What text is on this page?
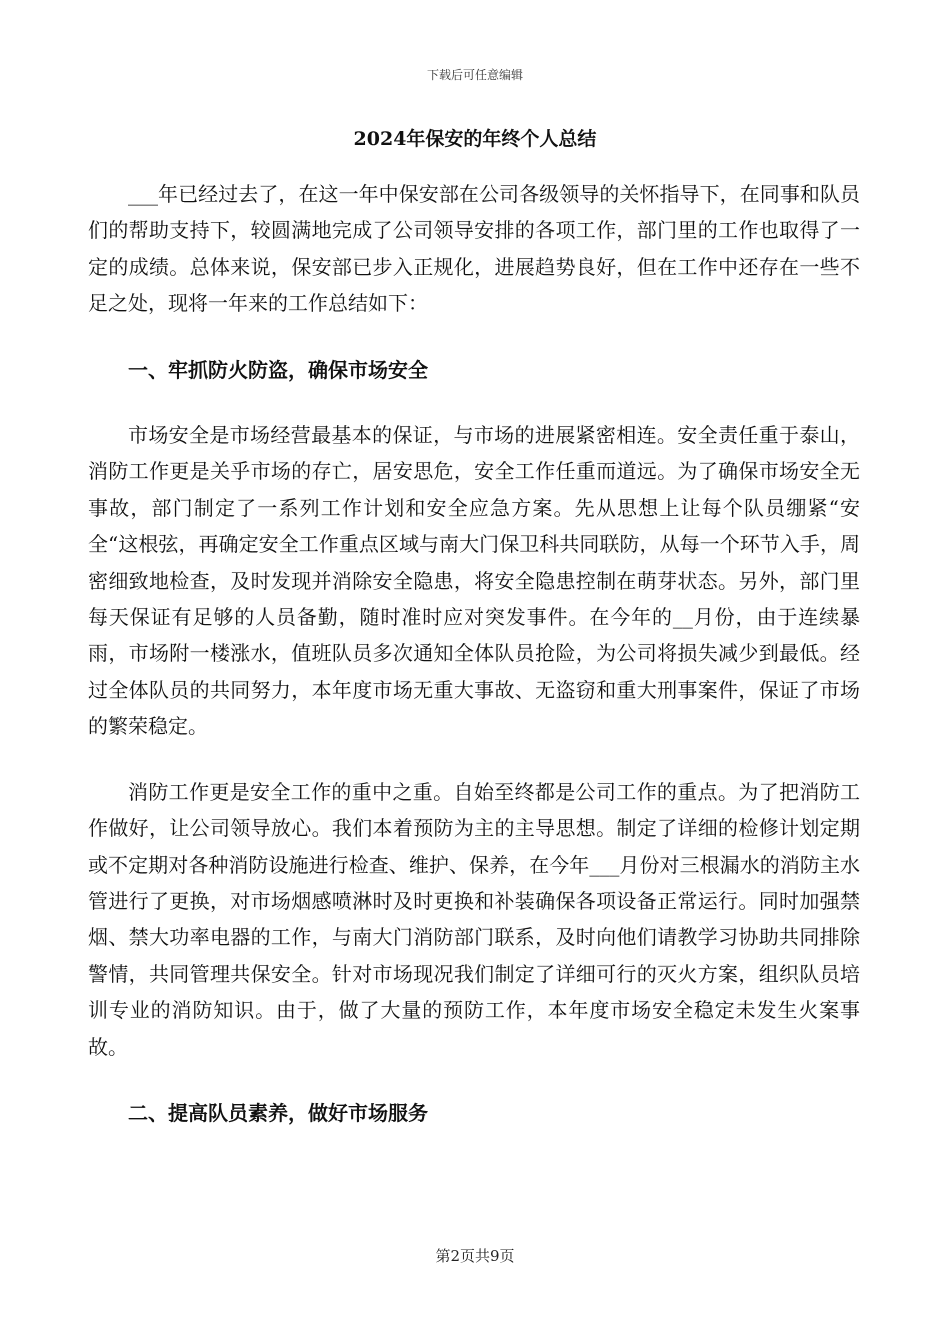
下载后可任意编辑
2024年保安的年终个人总结

___年已经过去了，在这一年中保安部在公司各级领导的关怀指导下，在同事和队员们的帮助支持下，较圆满地完成了公司领导安排的各项工作，部门里的工作也取得了一定的成绩。总体来说，保安部已步入正规化，进展趋势良好，但在工作中还存在一些不足之处，现将一年来的工作总结如下：

一、牢抓防火防盗，确保市场安全

市场安全是市场经营最基本的保证，与市场的进展紧密相连。安全责任重于泰山，消防工作更是关乎市场的存亡，居安思危，安全工作任重而道远。为了确保市场安全无事故，部门制定了一系列工作计划和安全应急方案。先从思想上让每个队员绷紧“安全“这根弦，再确定安全工作重点区域与南大门保卫科共同联防，从每一个环节入手，周密细致地检查，及时发现并消除安全隐患，将安全隐患控制在萌芽状态。另外，部门里每天保证有足够的人员备勤，随时准时应对突发事件。在今年的__月份，由于连续暴雨，市场附一楼涨水，值班队员多次通知全体队员抢险，为公司将损失减少到最低。经过全体队员的共同努力，本年度市场无重大事故、无盗窃和重大刑事案件，保证了市场的繁荣稳定。

消防工作更是安全工作的重中之重。自始至终都是公司工作的重点。为了把消防工作做好，让公司领导放心。我们本着预防为主的主导思想。制定了详细的检修计划定期或不定期对各种消防设施进行检查、维护、保养，在今年___月份对三根漏水的消防主水管进行了更换，对市场烟感喷淋时及时更换和补装确保各项设备正常运行。同时加强禁烟、禁大功率电器的工作，与南大门消防部门联系，及时向他们请教学习协助共同排除警情，共同管理共保安全。针对市场现况我们制定了详细可行的灭火方案，组织队员培训专业的消防知识。由于，做了大量的预防工作，本年度市场安全稳定未发生火案事故。

二、提高队员素养，做好市场服务

第2页共9页
